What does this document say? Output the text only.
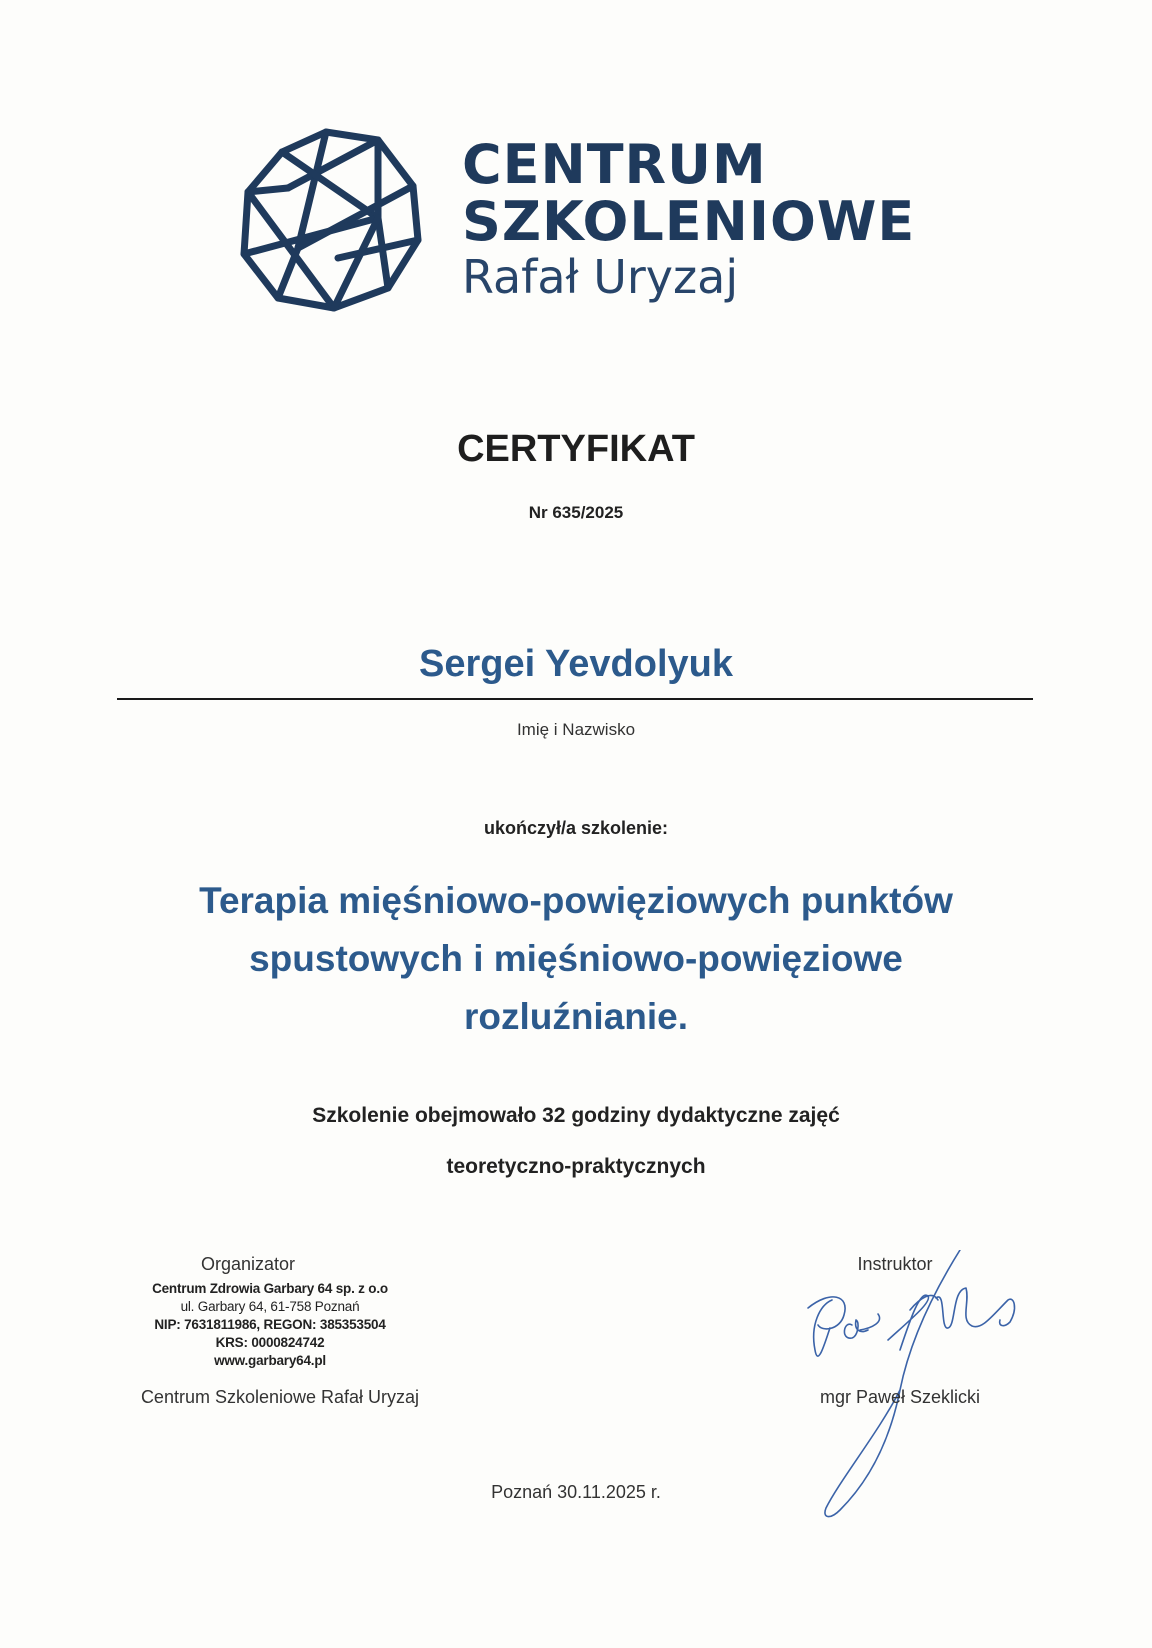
CENTRUM
SZKOLENIOWE
Rafał Uryzaj
CERTYFIKAT
Nr 635/2025
Sergei Yevdolyuk
Imię i Nazwisko
ukończył/a szkolenie:
Terapia mięśniowo-powięziowych punktów
spustowych i mięśniowo-powięziowe
rozluźnianie.
Szkolenie obejmowało 32 godziny dydaktyczne zajęć
teoretyczno-praktycznych
Organizator
Centrum Zdrowia Garbary 64 sp. z o.o
ul. Garbary 64, 61-758 Poznań
NIP: 7631811986, REGON: 385353504
KRS: 0000824742
www.garbary64.pl
Centrum Szkoleniowe Rafał Uryzaj
Instruktor
mgr Paweł Szeklicki
Poznań 30.11.2025 r.
